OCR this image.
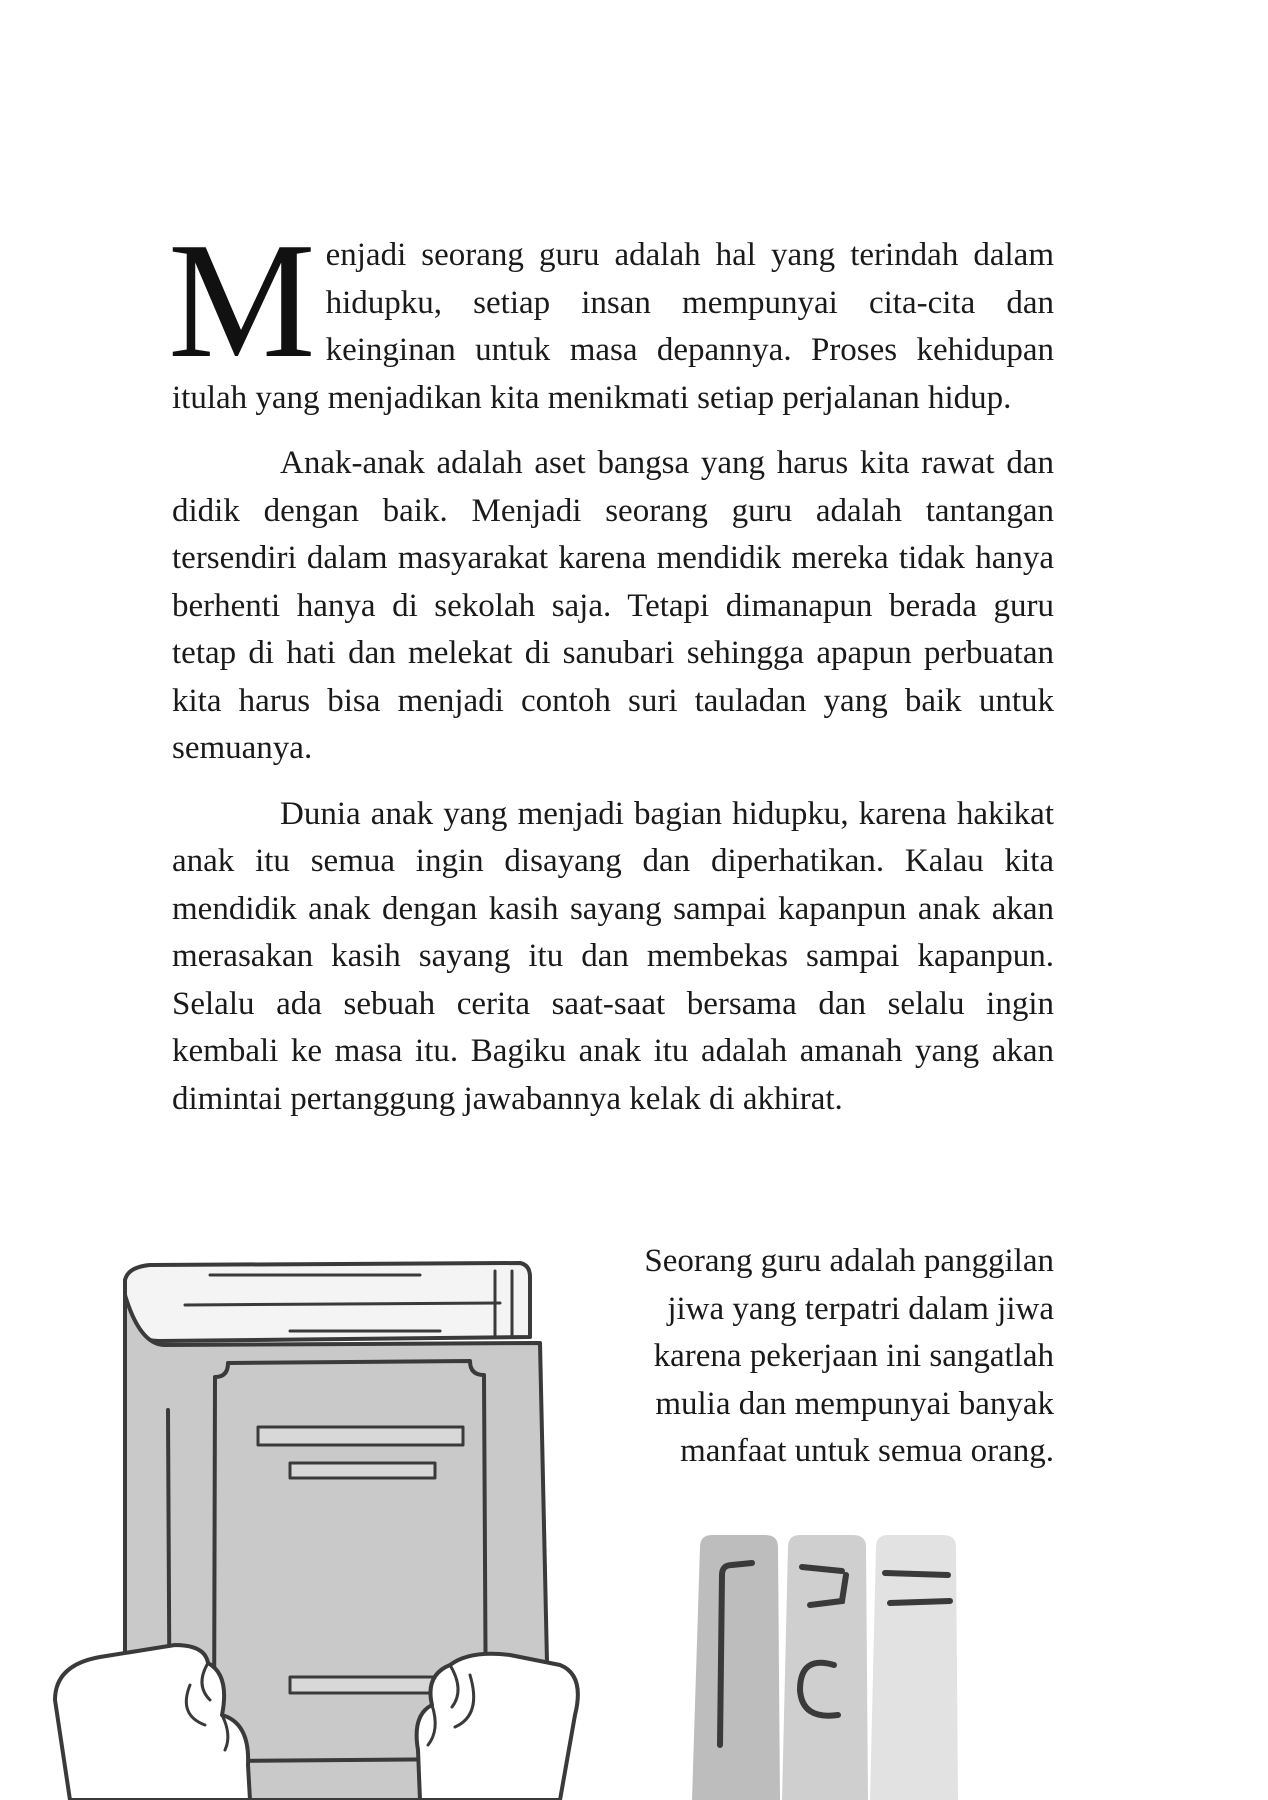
Menjadi seorang guru adalah hal yang terindah dalam hidupku, setiap insan mempunyai cita-cita dan keinginan untuk masa depannya. Proses kehidupan itulah yang menjadikan kita menikmati setiap perjalanan hidup.

Anak-anak adalah aset bangsa yang harus kita rawat dan didik dengan baik. Menjadi seorang guru adalah tantangan tersendiri dalam masyarakat karena mendidik mereka tidak hanya berhenti hanya di sekolah saja. Tetapi dimanapun berada guru tetap di hati dan melekat di sanubari sehingga apapun perbuatan kita harus bisa menjadi contoh suri tauladan yang baik untuk semuanya.

Dunia anak yang menjadi bagian hidupku, karena hakikat anak itu semua ingin disayang dan diperhatikan. Kalau kita mendidik anak dengan kasih sayang sampai kapanpun anak akan merasakan kasih sayang itu dan membekas sampai kapanpun. Selalu ada sebuah cerita saat-saat bersama dan selalu ingin kembali ke masa itu. Bagiku anak itu adalah amanah yang akan dimintai pertanggung jawabannya kelak di akhirat.

Seorang guru adalah panggilan
jiwa yang terpatri dalam jiwa
karena pekerjaan ini sangatlah
mulia dan mempunyai banyak
manfaat untuk semua orang.
